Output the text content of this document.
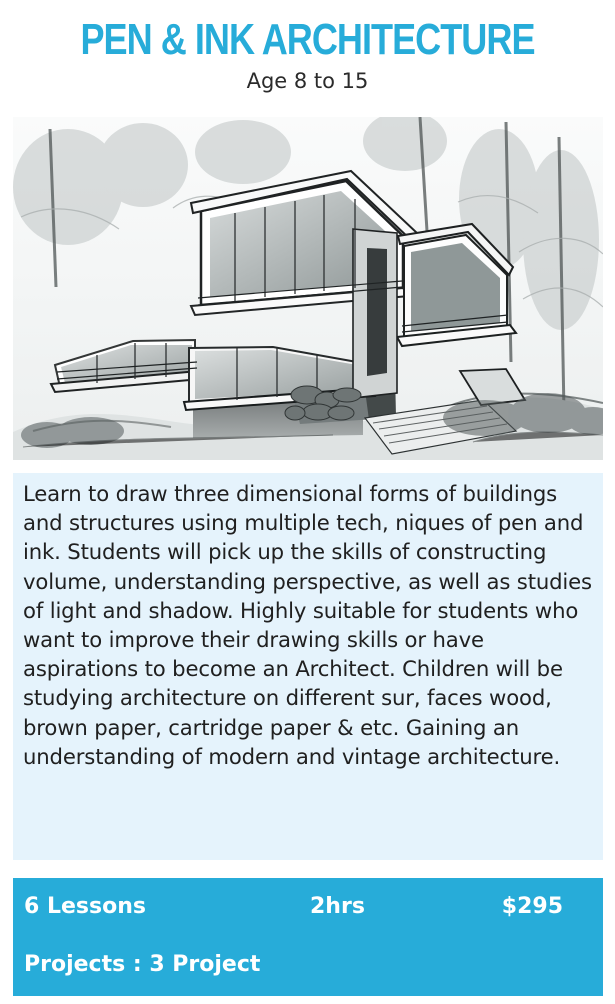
PEN & INK ARCHITECTURE
Age 8 to 15

Learn to draw three dimensional forms of buildings and structures using multiple tech, niques of pen and ink. Students will pick up the skills of constructing volume, understanding perspective, as well as studies of light and shadow. Highly suitable for students who want to improve their drawing skills or have aspirations to become an Architect. Children will be studying architecture on different sur, faces wood, brown paper, cartridge paper & etc. Gaining an understanding of modern and vintage architecture.

6 Lessons	2hrs	$295
Projects : 3 Project
